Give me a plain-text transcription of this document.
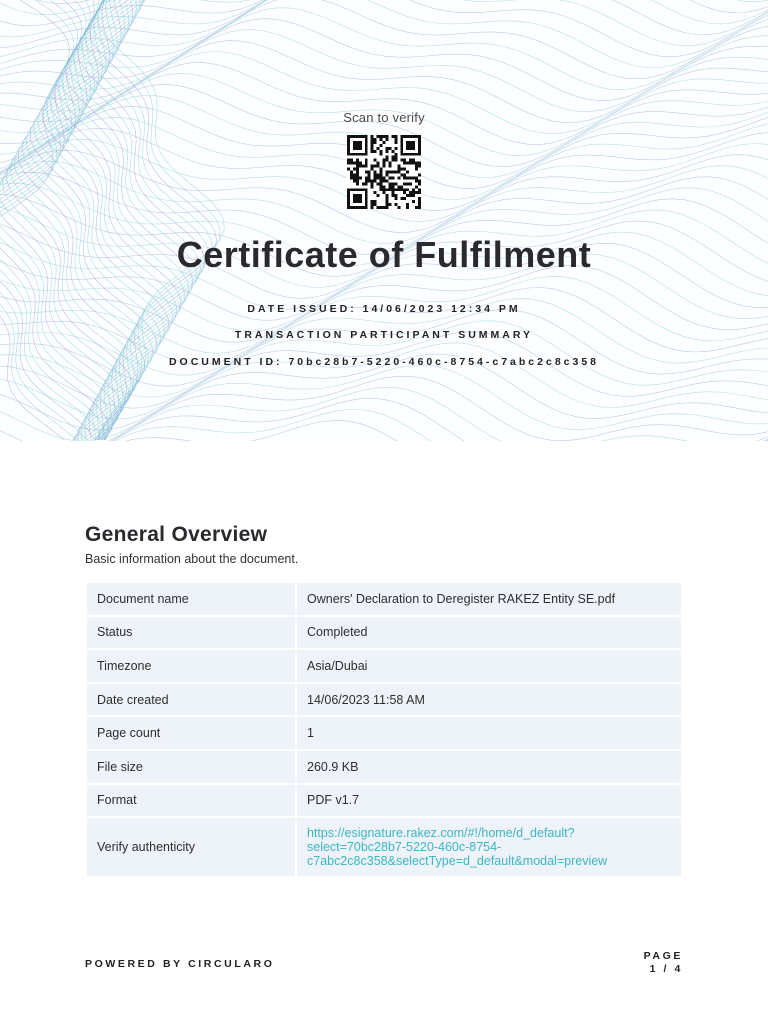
Scan to verify
Certificate of Fulfilment
DATE ISSUED: 14/06/2023 12:34 PM
TRANSACTION PARTICIPANT SUMMARY
DOCUMENT ID: 70bc28b7-5220-460c-8754-c7abc2c8c358
General Overview
Basic information about the document.
Document name	Owners' Declaration to Deregister RAKEZ Entity SE.pdf
Status	Completed
Timezone	Asia/Dubai
Date created	14/06/2023 11:58 AM
Page count	1
File size	260.9 KB
Format	PDF v1.7
Verify authenticity	https://esignature.rakez.com/#!/home/d_default?
select=70bc28b7-5220-460c-8754-
c7abc2c8c358&selectType=d_default&modal=preview
POWERED BY CIRCULARO
PAGE
1 / 4
